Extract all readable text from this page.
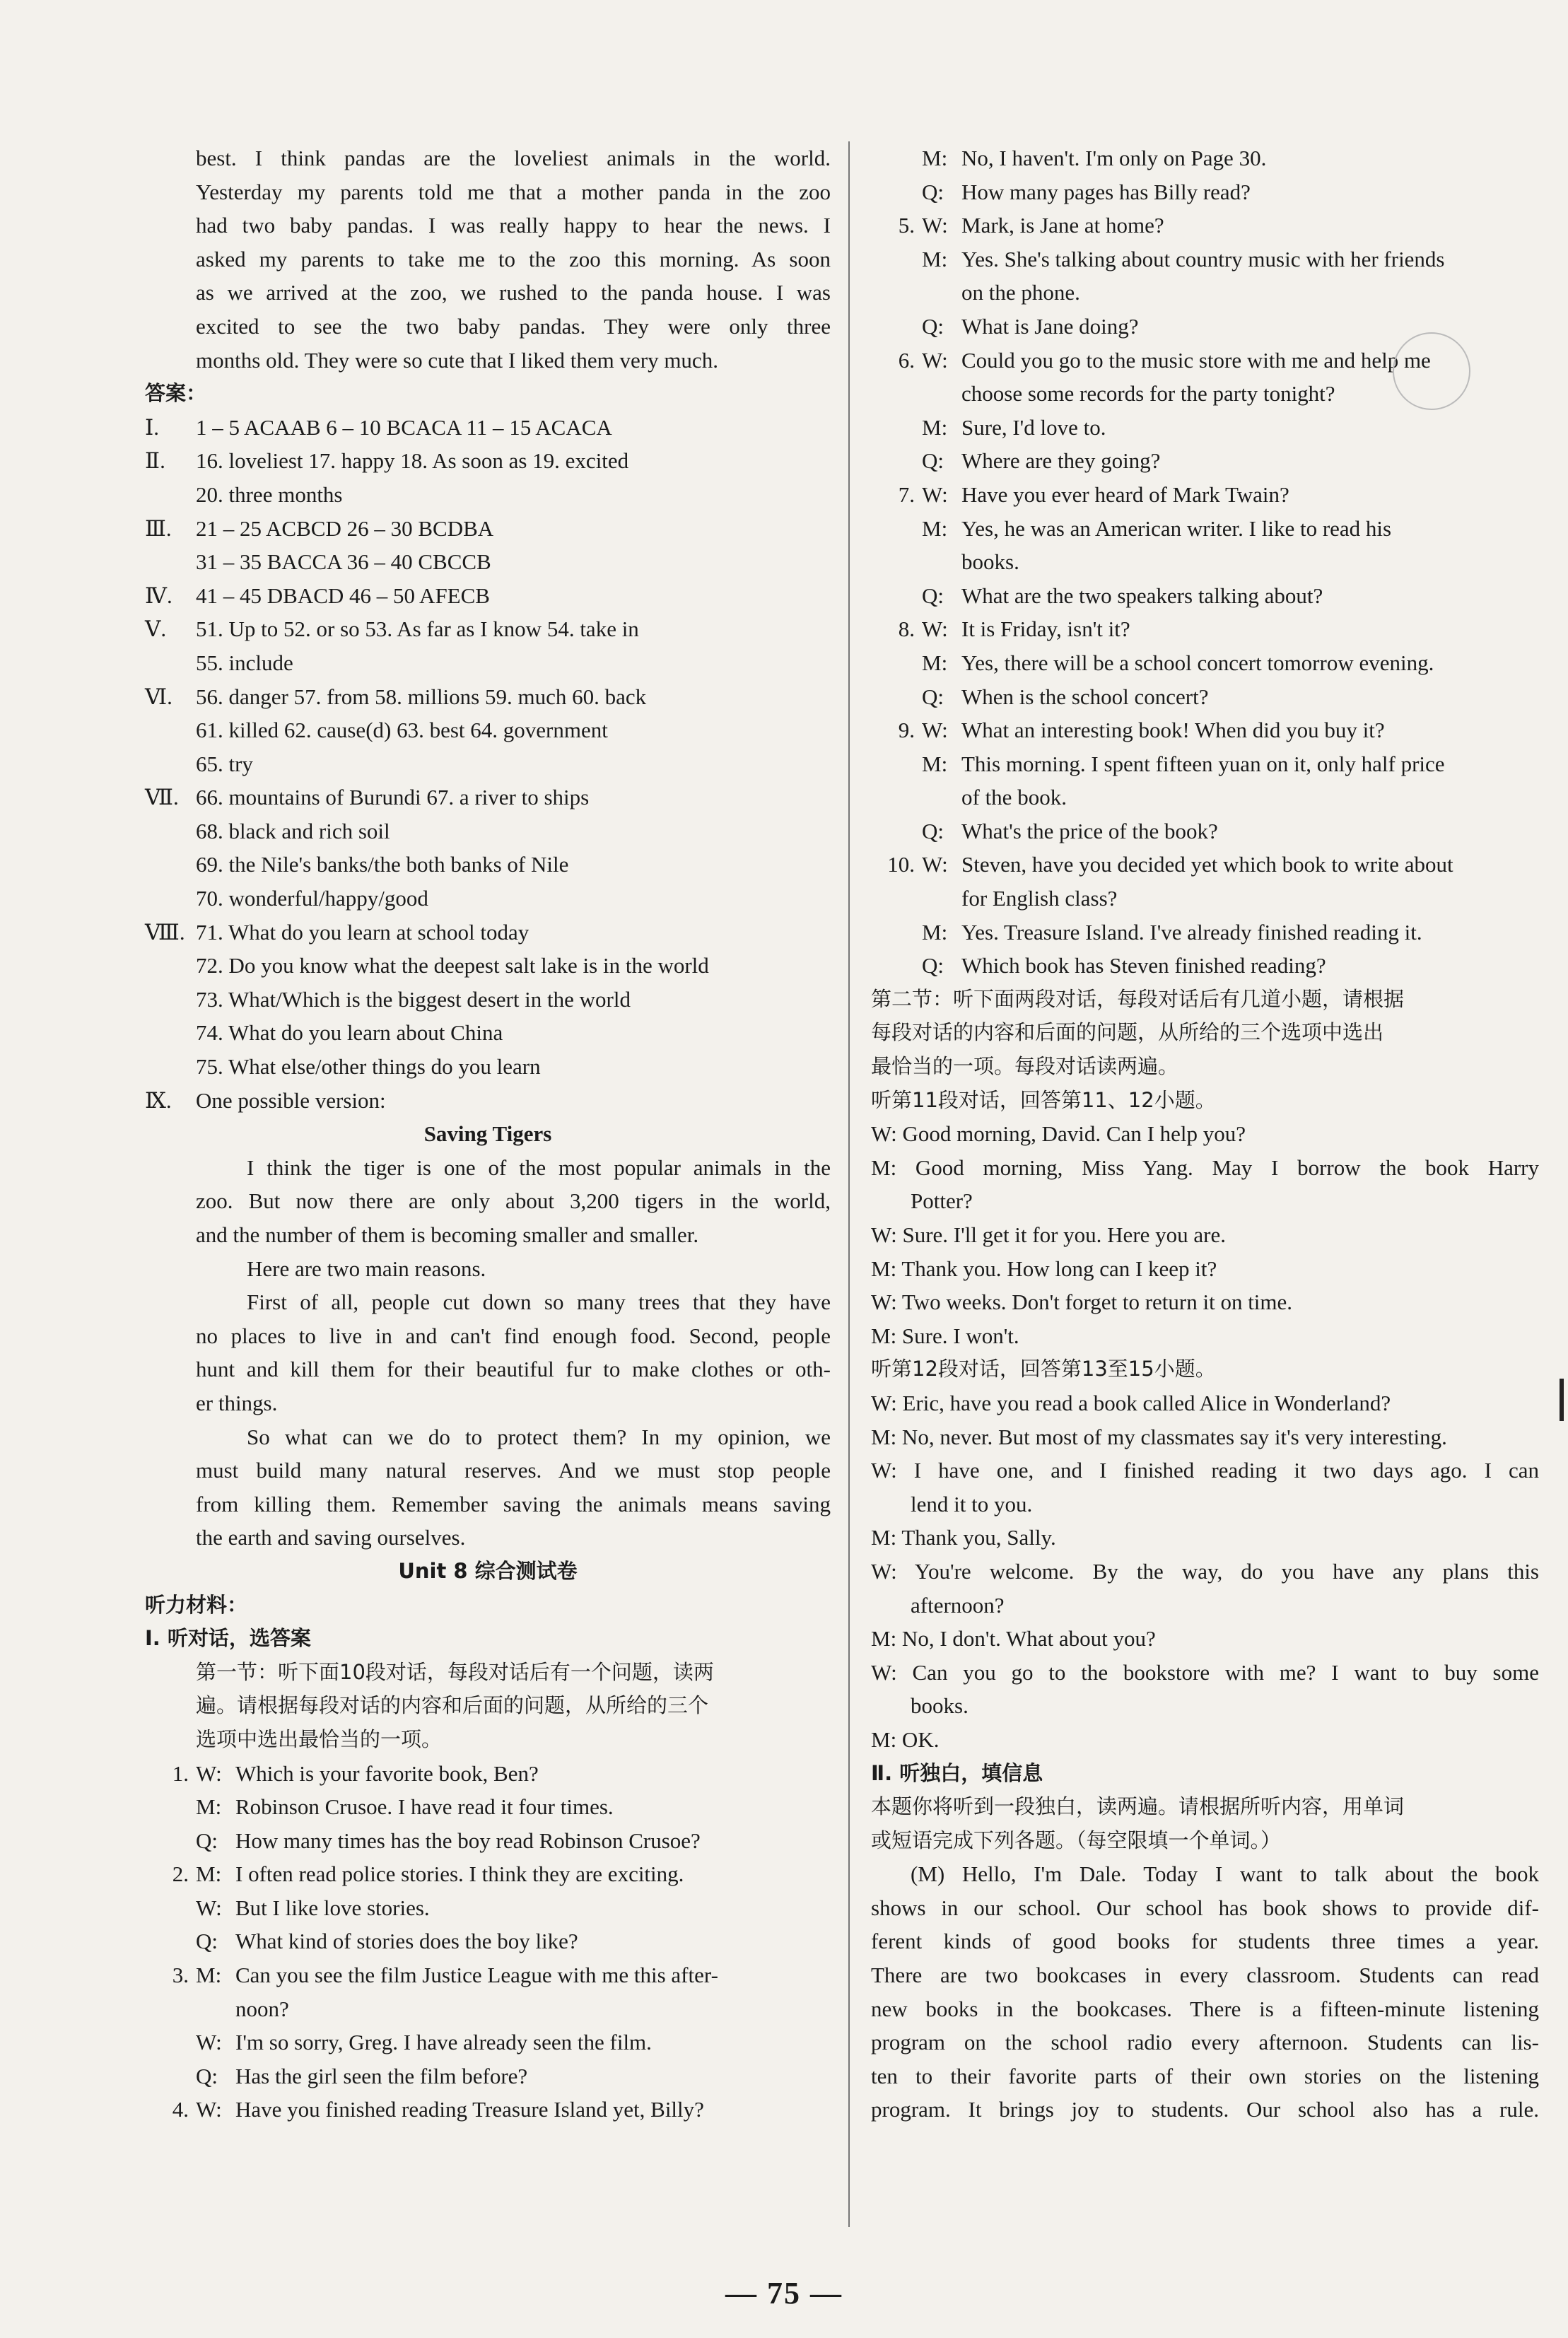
best. I think pandas are the loveliest animals in the world.
Yesterday my parents told me that a mother panda in the zoo
had two baby pandas. I was really happy to hear the news. I
asked my parents to take me to the zoo this morning. As soon
as we arrived at the zoo, we rushed to the panda house. I was
excited to see the two baby pandas. They were only three
months old. They were so cute that I liked them very much.
答案：
Ⅰ.	1 – 5 ACAAB 6 – 10 BCACA 11 – 15 ACACA
Ⅱ.	16. loveliest 17. happy 18. As soon as 19. excited
20. three months
Ⅲ.	21 – 25 ACBCD 26 – 30 BCDBA
31 – 35 BACCA 36 – 40 CBCCB
Ⅳ.	41 – 45 DBACD 46 – 50 AFECB
Ⅴ.	51. Up to 52. or so 53. As far as I know 54. take in
55. include
Ⅵ.	56. danger 57. from 58. millions 59. much 60. back
61. killed 62. cause(d) 63. best 64. government
65. try
Ⅶ. 66. mountains of Burundi 67. a river to ships
68. black and rich soil
69. the Nile's banks/the both banks of Nile
70. wonderful/happy/good
Ⅷ. 71. What do you learn at school today
72. Do you know what the deepest salt lake is in the world
73. What/Which is the biggest desert in the world
74. What do you learn about China
75. What else/other things do you learn
Ⅸ.	One possible version:
Saving Tigers
I think the tiger is one of the most popular animals in the
zoo. But now there are only about 3,200 tigers in the world,
and the number of them is becoming smaller and smaller.
Here are two main reasons.
First of all, people cut down so many trees that they have
no places to live in and can't find enough food. Second, people
hunt and kill them for their beautiful fur to make clothes or oth-
er things.
So what can we do to protect them? In my opinion, we
must build many natural reserves. And we must stop people
from killing them. Remember saving the animals means saving
the earth and saving ourselves.
Unit 8 综合测试卷
听力材料：
Ⅰ. 听对话，选答案
第一节：听下面10段对话，每段对话后有一个问题，读两
遍。请根据每段对话的内容和后面的问题，从所给的三个
选项中选出最恰当的一项。
1. W: Which is your favorite book, Ben?
M: Robinson Crusoe. I have read it four times.
Q: How many times has the boy read Robinson Crusoe?
2. M: I often read police stories. I think they are exciting.
W: But I like love stories.
Q: What kind of stories does the boy like?
3. M: Can you see the film Justice League with me this after-
noon?
W: I'm so sorry, Greg. I have already seen the film.
Q: Has the girl seen the film before?
4. W: Have you finished reading Treasure Island yet, Billy?
M: No, I haven't. I'm only on Page 30.
Q: How many pages has Billy read?
5. W: Mark, is Jane at home?
M: Yes. She's talking about country music with her friends
on the phone.
Q: What is Jane doing?
6. W: Could you go to the music store with me and help me
choose some records for the party tonight?
M: Sure, I'd love to.
Q: Where are they going?
7. W: Have you ever heard of Mark Twain?
M: Yes, he was an American writer. I like to read his
books.
Q: What are the two speakers talking about?
8. W: It is Friday, isn't it?
M: Yes, there will be a school concert tomorrow evening.
Q: When is the school concert?
9. W: What an interesting book! When did you buy it?
M: This morning. I spent fifteen yuan on it, only half price
of the book.
Q: What's the price of the book?
10. W: Steven, have you decided yet which book to write about
for English class?
M: Yes. Treasure Island. I've already finished reading it.
Q: Which book has Steven finished reading?
第二节：听下面两段对话，每段对话后有几道小题，请根据
每段对话的内容和后面的问题，从所给的三个选项中选出
最恰当的一项。每段对话读两遍。
听第11段对话，回答第11、12小题。
W: Good morning, David. Can I help you?
M: Good morning, Miss Yang. May I borrow the book Harry
Potter?
W: Sure. I'll get it for you. Here you are.
M: Thank you. How long can I keep it?
W: Two weeks. Don't forget to return it on time.
M: Sure. I won't.
听第12段对话，回答第13至15小题。
W: Eric, have you read a book called Alice in Wonderland?
M: No, never. But most of my classmates say it's very interesting.
W: I have one, and I finished reading it two days ago. I can
lend it to you.
M: Thank you, Sally.
W: You're welcome. By the way, do you have any plans this
afternoon?
M: No, I don't. What about you?
W: Can you go to the bookstore with me? I want to buy some
books.
M: OK.
Ⅱ. 听独白，填信息
本题你将听到一段独白，读两遍。请根据所听内容，用单词
或短语完成下列各题。（每空限填一个单词。）
(M) Hello, I'm Dale. Today I want to talk about the book
shows in our school. Our school has book shows to provide dif-
ferent kinds of good books for students three times a year.
There are two bookcases in every classroom. Students can read
new books in the bookcases. There is a fifteen-minute listening
program on the school radio every afternoon. Students can lis-
ten to their favorite parts of their own stories on the listening
program. It brings joy to students. Our school also has a rule.
— 75 —
